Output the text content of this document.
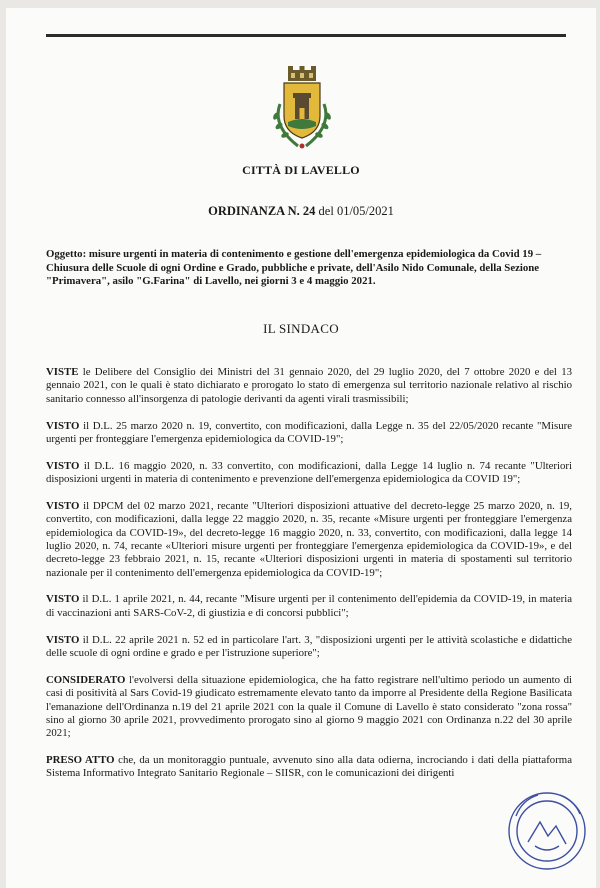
CITTÀ DI LAVELLO
ORDINANZA N. 24 del 01/05/2021
Oggetto: misure urgenti in materia di contenimento e gestione dell'emergenza epidemiologica da Covid 19 – Chiusura delle Scuole di ogni Ordine e Grado, pubbliche e private, dell'Asilo Nido Comunale, della Sezione "Primavera", asilo "G.Farina" di Lavello, nei giorni 3 e 4 maggio 2021.
IL SINDACO

VISTE le Delibere del Consiglio dei Ministri del 31 gennaio 2020, del 29 luglio 2020, del 7 ottobre 2020 e del 13 gennaio 2021, con le quali è stato dichiarato e prorogato lo stato di emergenza sul territorio nazionale relativo al rischio sanitario connesso all'insorgenza di patologie derivanti da agenti virali trasmissibili;

VISTO il D.L. 25 marzo 2020 n. 19, convertito, con modificazioni, dalla Legge n. 35 del 22/05/2020 recante "Misure urgenti per fronteggiare l'emergenza epidemiologica da COVID-19";

VISTO il D.L. 16 maggio 2020, n. 33 convertito, con modificazioni, dalla Legge 14 luglio n. 74 recante "Ulteriori disposizioni urgenti in materia di contenimento e prevenzione dell'emergenza epidemiologica da COVID 19";

VISTO il DPCM del 02 marzo 2021, recante "Ulteriori disposizioni attuative del decreto-legge 25 marzo 2020, n. 19, convertito, con modificazioni, dalla legge 22 maggio 2020, n. 35, recante «Misure urgenti per fronteggiare l'emergenza epidemiologica da COVID-19», del decreto-legge 16 maggio 2020, n. 33, convertito, con modificazioni, dalla legge 14 luglio 2020, n. 74, recante «Ulteriori misure urgenti per fronteggiare l'emergenza epidemiologica da COVID-19», e del decreto-legge 23 febbraio 2021, n. 15, recante «Ulteriori disposizioni urgenti in materia di spostamenti sul territorio nazionale per il contenimento dell'emergenza epidemiologica da COVID-19";

VISTO il D.L. 1 aprile 2021, n. 44, recante "Misure urgenti per il contenimento dell'epidemia da COVID-19, in materia di vaccinazioni anti SARS-CoV-2, di giustizia e di concorsi pubblici";

VISTO il D.L. 22 aprile 2021 n. 52 ed in particolare l'art. 3, "disposizioni urgenti per le attività scolastiche e didattiche delle scuole di ogni ordine e grado e per l'istruzione superiore";

CONSIDERATO l'evolversi della situazione epidemiologica, che ha fatto registrare nell'ultimo periodo un aumento di casi di positività al Sars Covid-19 giudicato estremamente elevato tanto da imporre al Presidente della Regione Basilicata l'emanazione dell'Ordinanza n.19 del 21 aprile 2021 con la quale il Comune di Lavello è stato considerato "zona rossa" sino al giorno 30 aprile 2021, provvedimento prorogato sino al giorno 9 maggio 2021 con Ordinanza n.22 del 30 aprile 2021;

PRESO ATTO che, da un monitoraggio puntuale, avvenuto sino alla data odierna, incrociando i dati della piattaforma Sistema Informativo Integrato Sanitario Regionale – SIISR, con le comunicazioni dei dirigenti
